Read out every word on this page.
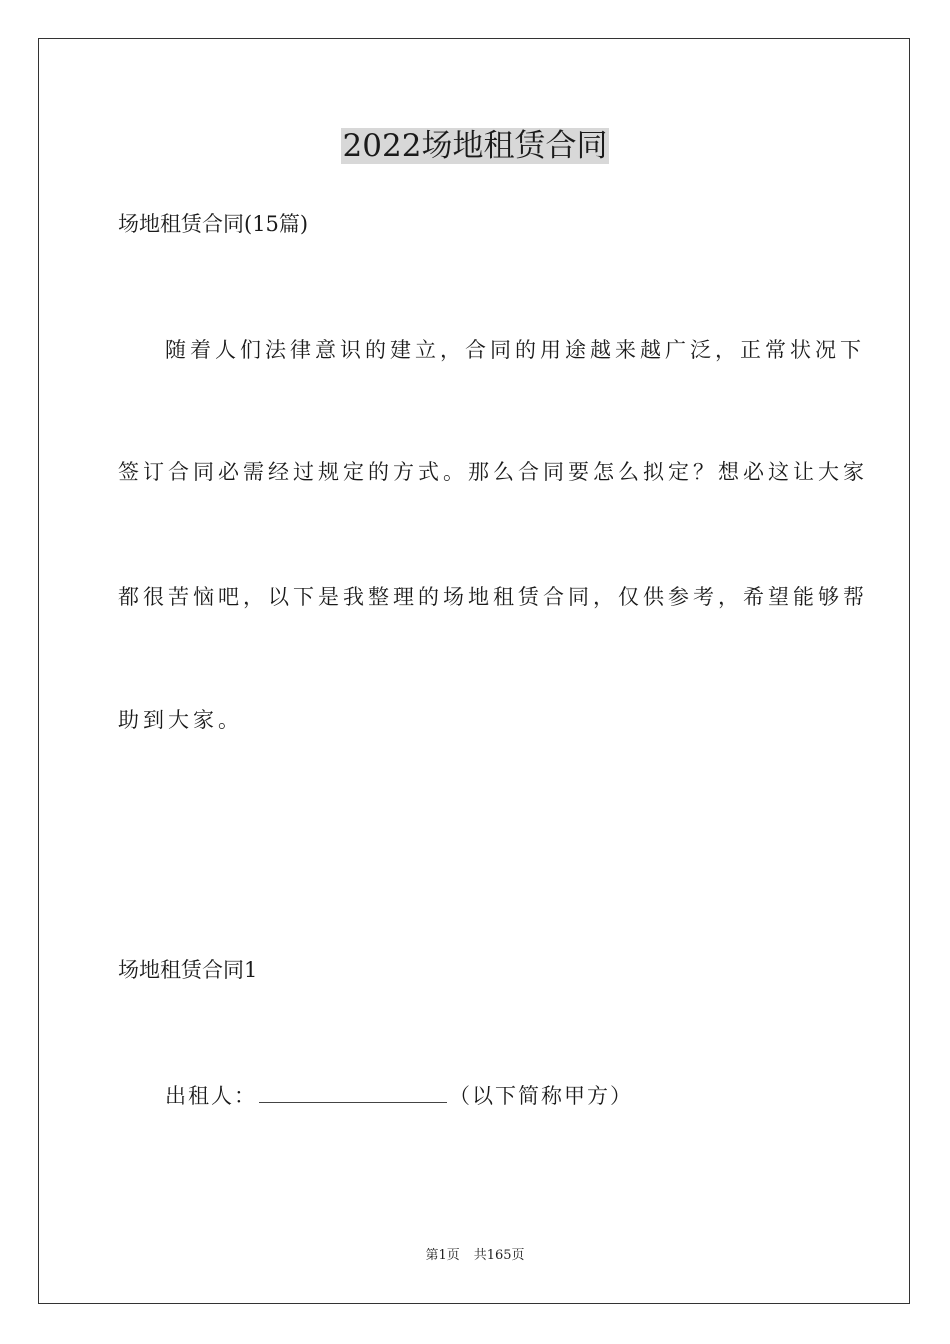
2022场地租赁合同

场地租赁合同(15篇)

随着人们法律意识的建立，合同的用途越来越广泛，正常状况下

签订合同必需经过规定的方式。那么合同要怎么拟定？想必这让大家

都很苦恼吧，以下是我整理的场地租赁合同，仅供参考，希望能够帮

助到大家。

场地租赁合同1

出租人：	（以下简称甲方）

第1页 共165页
